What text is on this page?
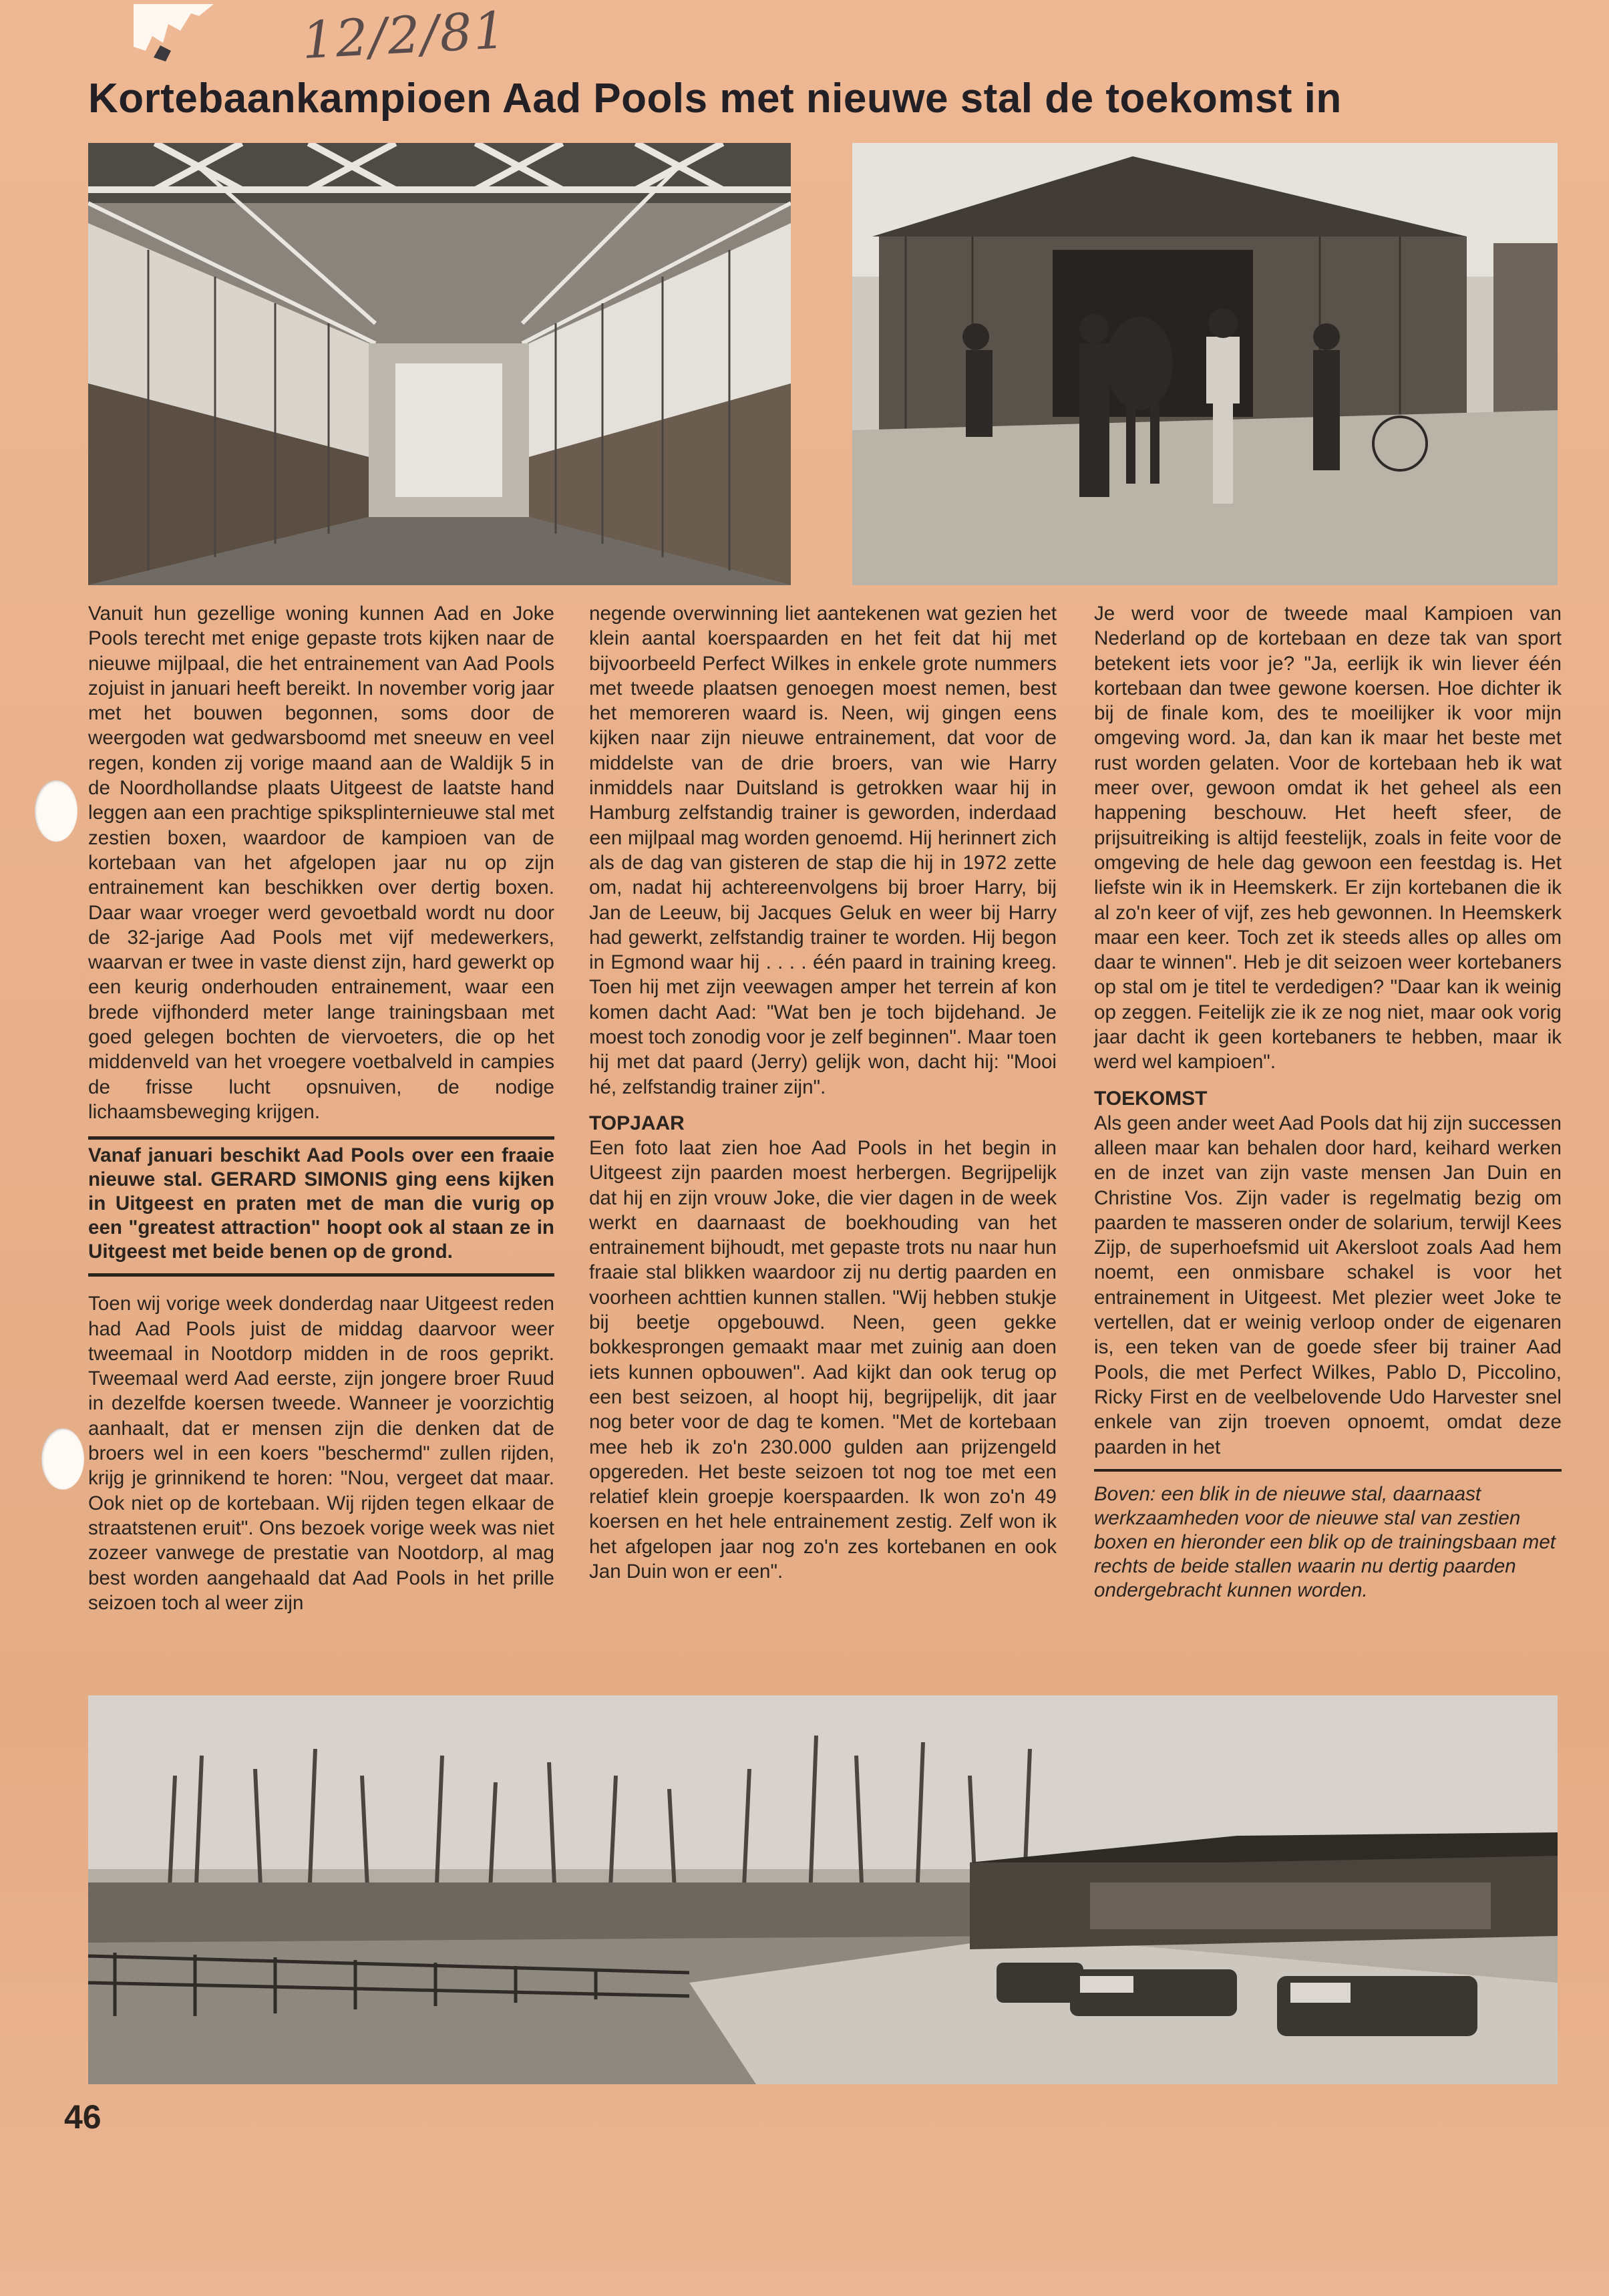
12/2/81
Kortebaankampioen Aad Pools met nieuwe stal de toekomst in

Vanuit hun gezellige woning kunnen Aad en Joke Pools terecht met enige gepaste trots kijken naar de nieuwe mijlpaal, die het entrainement van Aad Pools zojuist in januari heeft bereikt. In november vorig jaar met het bouwen begonnen, soms door de weergoden wat gedwarsboomd met sneeuw en veel regen, konden zij vorige maand aan de Waldijk 5 in de Noordhollandse plaats Uitgeest de laatste hand leggen aan een prachtige spiksplinternieuwe stal met zestien boxen, waardoor de kampioen van de kortebaan van het afgelopen jaar nu op zijn entrainement kan beschikken over dertig boxen. Daar waar vroeger werd gevoetbald wordt nu door de 32-jarige Aad Pools met vijf medewerkers, waarvan er twee in vaste dienst zijn, hard gewerkt op een keurig onderhouden entrainement, waar een brede vijfhonderd meter lange trainingsbaan met goed gelegen bochten de viervoeters, die op het middenveld van het vroegere voetbalveld in campies de frisse lucht opsnuiven, de nodige lichaamsbeweging krijgen.

Vanaf januari beschikt Aad Pools over een fraaie nieuwe stal. GERARD SIMONIS ging eens kijken in Uitgeest en praten met de man die vurig op een "greatest attraction" hoopt ook al staan ze in Uitgeest met beide benen op de grond.

Toen wij vorige week donderdag naar Uitgeest reden had Aad Pools juist de middag daarvoor weer tweemaal in Nootdorp midden in de roos geprikt. Tweemaal werd Aad eerste, zijn jongere broer Ruud in dezelfde koersen tweede. Wanneer je voorzichtig aanhaalt, dat er mensen zijn die denken dat de broers wel in een koers "beschermd" zullen rijden, krijg je grinnikend te horen: "Nou, vergeet dat maar. Ook niet op de kortebaan. Wij rijden tegen elkaar de straatstenen eruit". Ons bezoek vorige week was niet zozeer vanwege de prestatie van Nootdorp, al mag best worden aangehaald dat Aad Pools in het prille seizoen toch al weer zijn

negende overwinning liet aantekenen wat gezien het klein aantal koerspaarden en het feit dat hij met bijvoorbeeld Perfect Wilkes in enkele grote nummers met tweede plaatsen genoegen moest nemen, best het memoreren waard is. Neen, wij gingen eens kijken naar zijn nieuwe entrainement, dat voor de middelste van de drie broers, van wie Harry inmiddels naar Duitsland is getrokken waar hij in Hamburg zelfstandig trainer is geworden, inderdaad een mijlpaal mag worden genoemd. Hij herinnert zich als de dag van gisteren de stap die hij in 1972 zette om, nadat hij achtereenvolgens bij broer Harry, bij Jan de Leeuw, bij Jacques Geluk en weer bij Harry had gewerkt, zelfstandig trainer te worden. Hij begon in Egmond waar hij . . . . één paard in training kreeg. Toen hij met zijn veewagen amper het terrein af kon komen dacht Aad: "Wat ben je toch bijdehand. Je moest toch zonodig voor je zelf beginnen". Maar toen hij met dat paard (Jerry) gelijk won, dacht hij: "Mooi hé, zelfstandig trainer zijn".

TOPJAAR

Een foto laat zien hoe Aad Pools in het begin in Uitgeest zijn paarden moest herbergen. Begrijpelijk dat hij en zijn vrouw Joke, die vier dagen in de week werkt en daarnaast de boekhouding van het entrainement bijhoudt, met gepaste trots nu naar hun fraaie stal blikken waardoor zij nu dertig paarden en voorheen achttien kunnen stallen. "Wij hebben stukje bij beetje opgebouwd. Neen, geen gekke bokkesprongen gemaakt maar met zuinig aan doen iets kunnen opbouwen". Aad kijkt dan ook terug op een best seizoen, al hoopt hij, begrijpelijk, dit jaar nog beter voor de dag te komen. "Met de kortebaan mee heb ik zo'n 230.000 gulden aan prijzengeld opgereden. Het beste seizoen tot nog toe met een relatief klein groepje koerspaarden. Ik won zo'n 49 koersen en het hele entrainement zestig. Zelf won ik het afgelopen jaar nog zo'n zes kortebanen en ook Jan Duin won er een".

Je werd voor de tweede maal Kampioen van Nederland op de kortebaan en deze tak van sport betekent iets voor je? "Ja, eerlijk ik win liever één kortebaan dan twee gewone koersen. Hoe dichter ik bij de finale kom, des te moeilijker ik voor mijn omgeving word. Ja, dan kan ik maar het beste met rust worden gelaten. Voor de kortebaan heb ik wat meer over, gewoon omdat ik het geheel als een happening beschouw. Het heeft sfeer, de prijsuitreiking is altijd feestelijk, zoals in feite voor de omgeving de hele dag gewoon een feestdag is. Het liefste win ik in Heemskerk. Er zijn kortebanen die ik al zo'n keer of vijf, zes heb gewonnen. In Heemskerk maar een keer. Toch zet ik steeds alles op alles om daar te winnen". Heb je dit seizoen weer kortebaners op stal om je titel te verdedigen? "Daar kan ik weinig op zeggen. Feitelijk zie ik ze nog niet, maar ook vorig jaar dacht ik geen kortebaners te hebben, maar ik werd wel kampioen".

TOEKOMST

Als geen ander weet Aad Pools dat hij zijn successen alleen maar kan behalen door hard, keihard werken en de inzet van zijn vaste mensen Jan Duin en Christine Vos. Zijn vader is regelmatig bezig om paarden te masseren onder de solarium, terwijl Kees Zijp, de superhoefsmid uit Akersloot zoals Aad hem noemt, een onmisbare schakel is voor het entrainement in Uitgeest. Met plezier weet Joke te vertellen, dat er weinig verloop onder de eigenaren is, een teken van de goede sfeer bij trainer Aad Pools, die met Perfect Wilkes, Pablo D, Piccolino, Ricky First en de veelbelovende Udo Harvester snel enkele van zijn troeven opnoemt, omdat deze paarden in het

Boven: een blik in de nieuwe stal, daarnaast werkzaamheden voor de nieuwe stal van zestien boxen en hieronder een blik op de trainingsbaan met rechts de beide stallen waarin nu dertig paarden ondergebracht kunnen worden.

46
